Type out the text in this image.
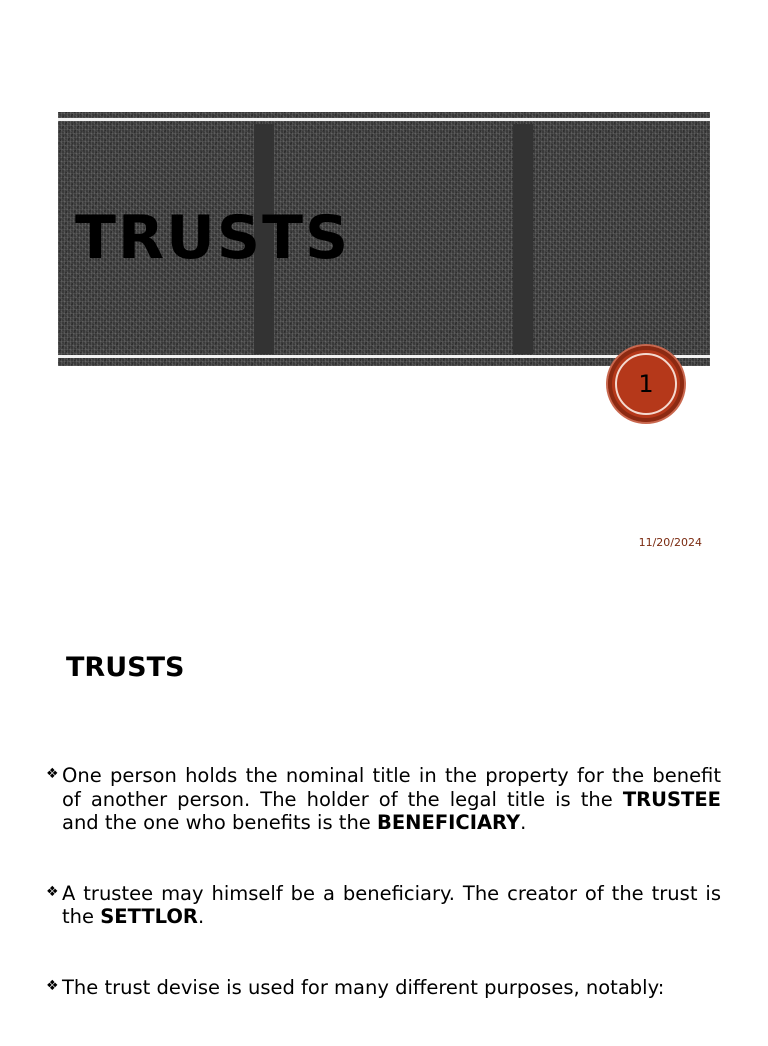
TRUSTS
1
11/20/2024
TRUSTS
❖ One person holds the nominal title in the property for the benefit of another person. The holder of the legal title is the TRUSTEE and the one who benefits is the BENEFICIARY.
❖ A trustee may himself be a beneficiary. The creator of the trust is the SETTLOR.
❖ The trust devise is used for many different purposes, notably:
